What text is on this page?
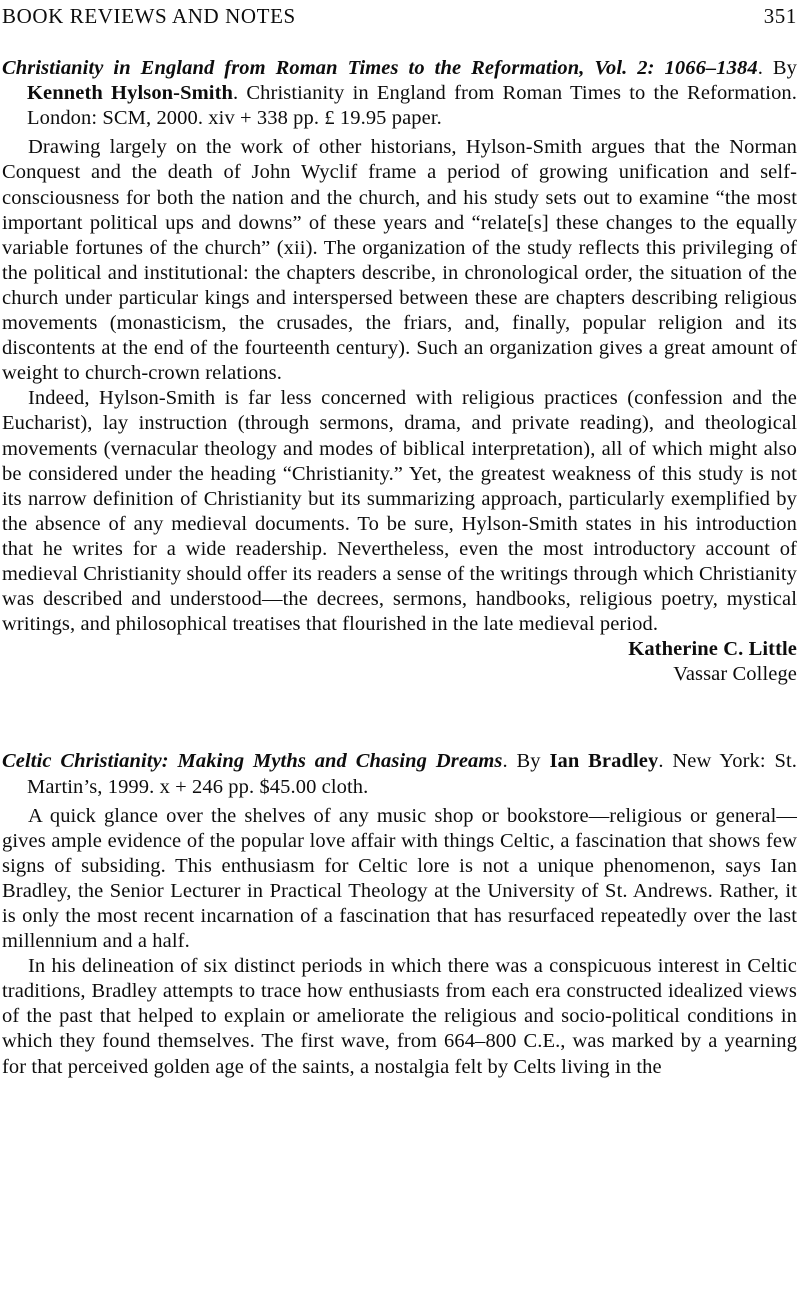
BOOK REVIEWS AND NOTES	351

Christianity in England from Roman Times to the Reformation, Vol. 2: 1066–1384. By Kenneth Hylson-Smith. Christianity in England from Roman Times to the Reformation. London: SCM, 2000. xiv + 338 pp. £ 19.95 paper.

Drawing largely on the work of other historians, Hylson-Smith argues that the Norman Conquest and the death of John Wyclif frame a period of growing unification and self-consciousness for both the nation and the church, and his study sets out to examine “the most important political ups and downs” of these years and “relate[s] these changes to the equally variable fortunes of the church” (xii). The organization of the study reflects this privileging of the political and institutional: the chapters describe, in chronological order, the situation of the church under particular kings and interspersed between these are chapters describing religious movements (monasticism, the crusades, the friars, and, finally, popular religion and its discontents at the end of the fourteenth century). Such an organization gives a great amount of weight to church-crown relations.

Indeed, Hylson-Smith is far less concerned with religious practices (confession and the Eucharist), lay instruction (through sermons, drama, and private reading), and theological movements (vernacular theology and modes of biblical interpretation), all of which might also be considered under the heading “Christianity.” Yet, the greatest weakness of this study is not its narrow definition of Christianity but its summarizing approach, particularly exemplified by the absence of any medieval documents. To be sure, Hylson-Smith states in his introduction that he writes for a wide readership. Nevertheless, even the most introductory account of medieval Christianity should offer its readers a sense of the writings through which Christianity was described and understood—the decrees, sermons, handbooks, religious poetry, mystical writings, and philosophical treatises that flourished in the late medieval period.

Katherine C. Little
Vassar College

Celtic Christianity: Making Myths and Chasing Dreams. By Ian Bradley. New York: St. Martin’s, 1999. x + 246 pp. $45.00 cloth.

A quick glance over the shelves of any music shop or bookstore—religious or general—gives ample evidence of the popular love affair with things Celtic, a fascination that shows few signs of subsiding. This enthusiasm for Celtic lore is not a unique phenomenon, says Ian Bradley, the Senior Lecturer in Practical Theology at the University of St. Andrews. Rather, it is only the most recent incarnation of a fascination that has resurfaced repeatedly over the last millennium and a half.

In his delineation of six distinct periods in which there was a conspicuous interest in Celtic traditions, Bradley attempts to trace how enthusiasts from each era constructed idealized views of the past that helped to explain or ameliorate the religious and socio-political conditions in which they found themselves. The first wave, from 664–800 C.E., was marked by a yearning for that perceived golden age of the saints, a nostalgia felt by Celts living in the
